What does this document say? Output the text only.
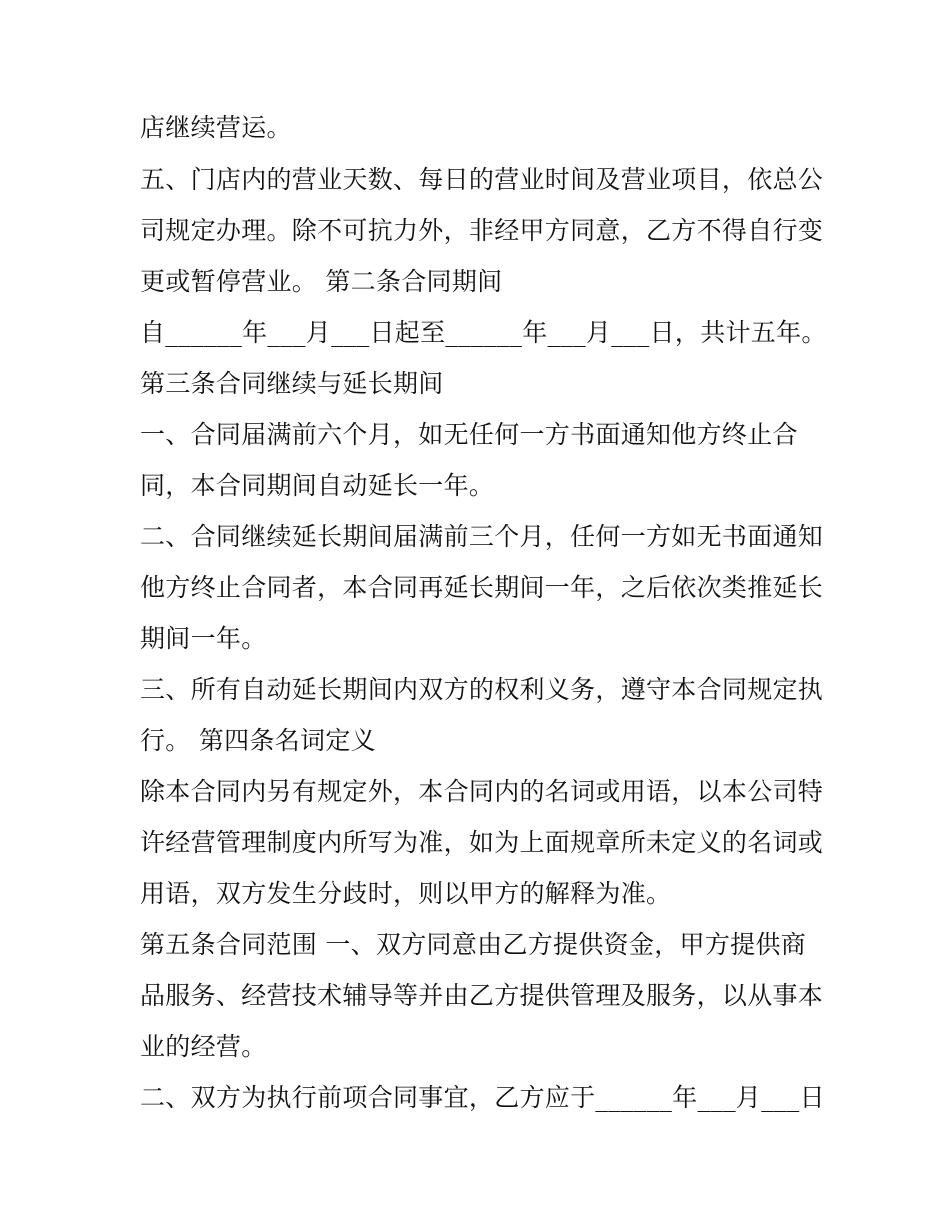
店继续营运。
五、门店内的营业天数、每日的营业时间及营业项目，依总公
司规定办理。除不可抗力外，非经甲方同意，乙方不得自行变
更或暂停营业。 第二条合同期间
自______年___月___日起至______年___月___日，共计五年。
第三条合同继续与延长期间
一、合同届满前六个月，如无任何一方书面通知他方终止合
同，本合同期间自动延长一年。
二、合同继续延长期间届满前三个月，任何一方如无书面通知
他方终止合同者，本合同再延长期间一年，之后依次类推延长
期间一年。
三、所有自动延长期间内双方的权利义务，遵守本合同规定执
行。 第四条名词定义
除本合同内另有规定外，本合同内的名词或用语，以本公司特
许经营管理制度内所写为准，如为上面规章所未定义的名词或
用语，双方发生分歧时，则以甲方的解释为准。
第五条合同范围 一、双方同意由乙方提供资金，甲方提供商
品服务、经营技术辅导等并由乙方提供管理及服务，以从事本
业的经营。
二、双方为执行前项合同事宜，乙方应于______年___月___日
